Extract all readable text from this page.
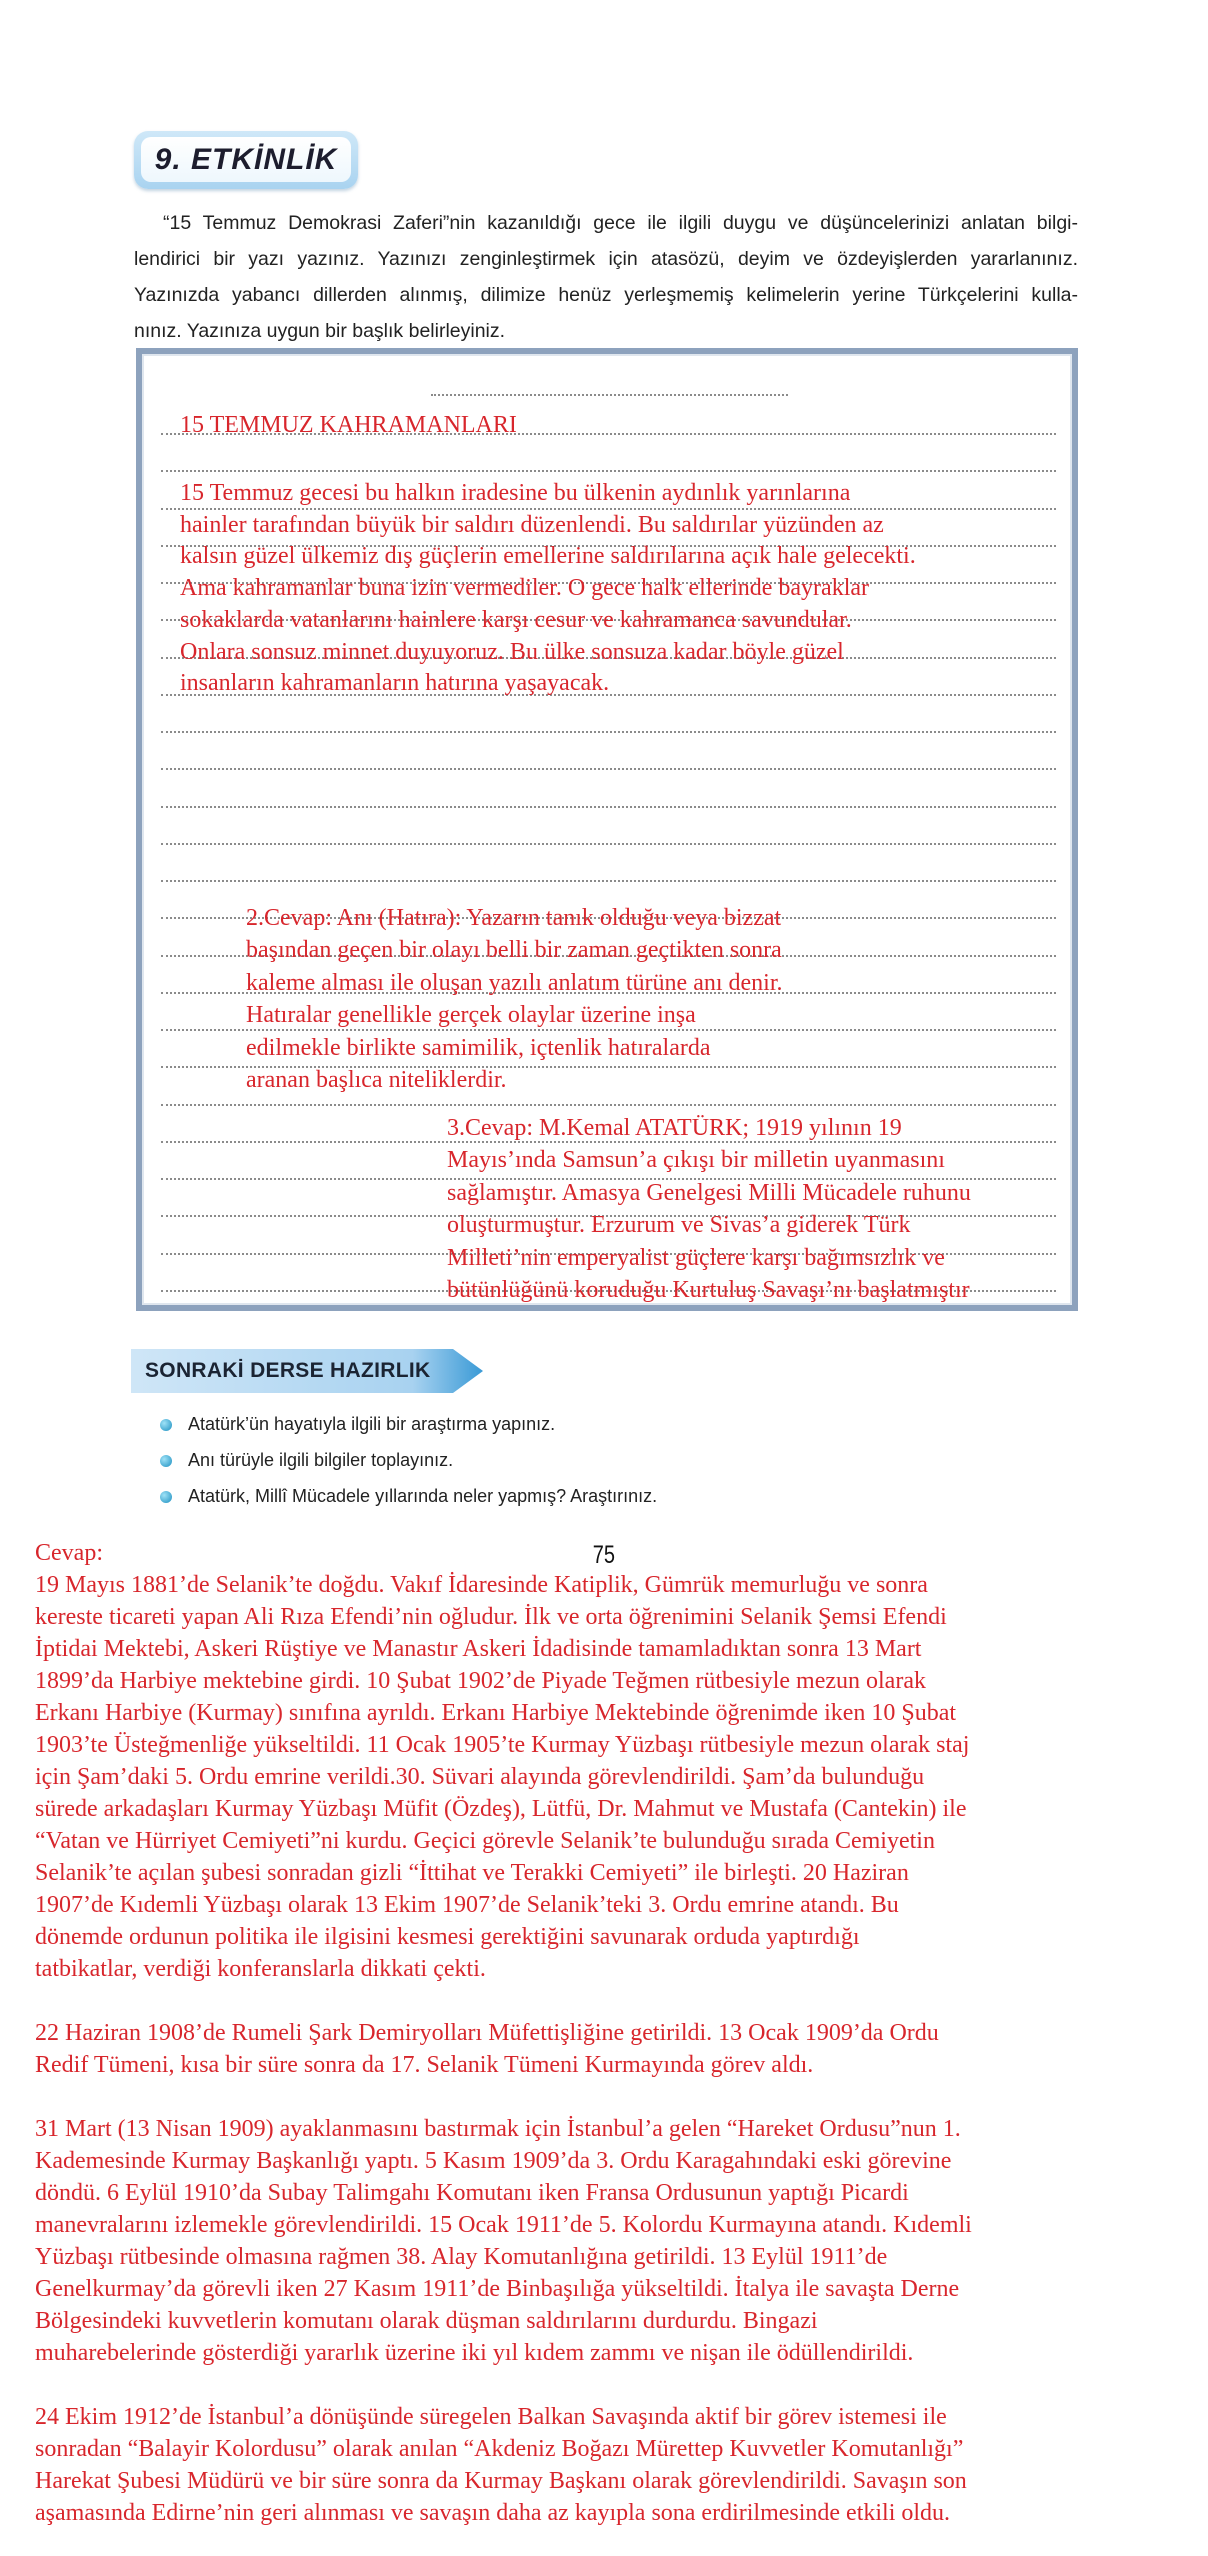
9. ETKİNLİK
“15 Temmuz Demokrasi Zaferi”nin kazanıldığı gece ile ilgili duygu ve düşüncelerinizi anlatan bilgi-
lendirici bir yazı yazınız. Yazınızı zenginleştirmek için atasözü, deyim ve özdeyişlerden yararlanınız.
Yazınızda yabancı dillerden alınmış, dilimize henüz yerleşmemiş kelimelerin yerine Türkçelerini kulla-
nınız. Yazınıza uygun bir başlık belirleyiniz.
15 TEMMUZ KAHRAMANLARI
15 Temmuz gecesi bu halkın iradesine bu ülkenin aydınlık yarınlarına
hainler tarafından büyük bir saldırı düzenlendi. Bu saldırılar yüzünden az
kalsın güzel ülkemiz dış güçlerin emellerine saldırılarına açık hale gelecekti.
Ama kahramanlar buna izin vermediler. O gece halk ellerinde bayraklar
sokaklarda vatanlarını hainlere karşı cesur ve kahramanca savundular.
Onlara sonsuz minnet duyuyoruz. Bu ülke sonsuza kadar böyle güzel
insanların kahramanların hatırına yaşayacak.
2.Cevap: Anı (Hatıra): Yazarın tanık olduğu veya bizzat
başından geçen bir olayı belli bir zaman geçtikten sonra
kaleme alması ile oluşan yazılı anlatım türüne anı denir.
Hatıralar genellikle gerçek olaylar üzerine inşa
edilmekle birlikte samimilik, içtenlik hatıralarda
aranan başlıca niteliklerdir.
3.Cevap: M.Kemal ATATÜRK; 1919 yılının 19
Mayıs’ında Samsun’a çıkışı bir milletin uyanmasını
sağlamıştır. Amasya Genelgesi Milli Mücadele ruhunu
oluşturmuştur. Erzurum ve Sivas’a giderek Türk
Milleti’nin emperyalist güçlere karşı bağımsızlık ve
bütünlüğünü koruduğu Kurtuluş Savaşı’nı başlatmıştır
SONRAKİ DERSE HAZIRLIK
Atatürk’ün hayatıyla ilgili bir araştırma yapınız.
Anı türüyle ilgili bilgiler toplayınız.
Atatürk, Millî Mücadele yıllarında neler yapmış? Araştırınız.
75
Cevap:
19 Mayıs 1881’de Selanik’te doğdu. Vakıf İdaresinde Katiplik, Gümrük memurluğu ve sonra
kereste ticareti yapan Ali Rıza Efendi’nin oğludur. İlk ve orta öğrenimini Selanik Şemsi Efendi
İptidai Mektebi, Askeri Rüştiye ve Manastır Askeri İdadisinde tamamladıktan sonra 13 Mart
1899’da Harbiye mektebine girdi. 10 Şubat 1902’de Piyade Teğmen rütbesiyle mezun olarak
Erkanı Harbiye (Kurmay) sınıfına ayrıldı. Erkanı Harbiye Mektebinde öğrenimde iken 10 Şubat
1903’te Üsteğmenliğe yükseltildi. 11 Ocak 1905’te Kurmay Yüzbaşı rütbesiyle mezun olarak staj
için Şam’daki 5. Ordu emrine verildi.30. Süvari alayında görevlendirildi. Şam’da bulunduğu
sürede arkadaşları Kurmay Yüzbaşı Müfit (Özdeş), Lütfü, Dr. Mahmut ve Mustafa (Cantekin) ile
“Vatan ve Hürriyet Cemiyeti”ni kurdu. Geçici görevle Selanik’te bulunduğu sırada Cemiyetin
Selanik’te açılan şubesi sonradan gizli “İttihat ve Terakki Cemiyeti” ile birleşti. 20 Haziran
1907’de Kıdemli Yüzbaşı olarak 13 Ekim 1907’de Selanik’teki 3. Ordu emrine atandı. Bu
dönemde ordunun politika ile ilgisini kesmesi gerektiğini savunarak orduda yaptırdığı
tatbikatlar, verdiği konferanslarla dikkati çekti.
22 Haziran 1908’de Rumeli Şark Demiryolları Müfettişliğine getirildi. 13 Ocak 1909’da Ordu
Redif Tümeni, kısa bir süre sonra da 17. Selanik Tümeni Kurmayında görev aldı.
31 Mart (13 Nisan 1909) ayaklanmasını bastırmak için İstanbul’a gelen “Hareket Ordusu”nun 1.
Kademesinde Kurmay Başkanlığı yaptı. 5 Kasım 1909’da 3. Ordu Karagahındaki eski görevine
döndü. 6 Eylül 1910’da Subay Talimgahı Komutanı iken Fransa Ordusunun yaptığı Picardi
manevralarını izlemekle görevlendirildi. 15 Ocak 1911’de 5. Kolordu Kurmayına atandı. Kıdemli
Yüzbaşı rütbesinde olmasına rağmen 38. Alay Komutanlığına getirildi. 13 Eylül 1911’de
Genelkurmay’da görevli iken 27 Kasım 1911’de Binbaşılığa yükseltildi. İtalya ile savaşta Derne
Bölgesindeki kuvvetlerin komutanı olarak düşman saldırılarını durdurdu. Bingazi
muharebelerinde gösterdiği yararlık üzerine iki yıl kıdem zammı ve nişan ile ödüllendirildi.
24 Ekim 1912’de İstanbul’a dönüşünde süregelen Balkan Savaşında aktif bir görev istemesi ile
sonradan “Balayir Kolordusu” olarak anılan “Akdeniz Boğazı Mürettep Kuvvetler Komutanlığı”
Harekat Şubesi Müdürü ve bir süre sonra da Kurmay Başkanı olarak görevlendirildi. Savaşın son
aşamasında Edirne’nin geri alınması ve savaşın daha az kayıpla sona erdirilmesinde etkili oldu.
